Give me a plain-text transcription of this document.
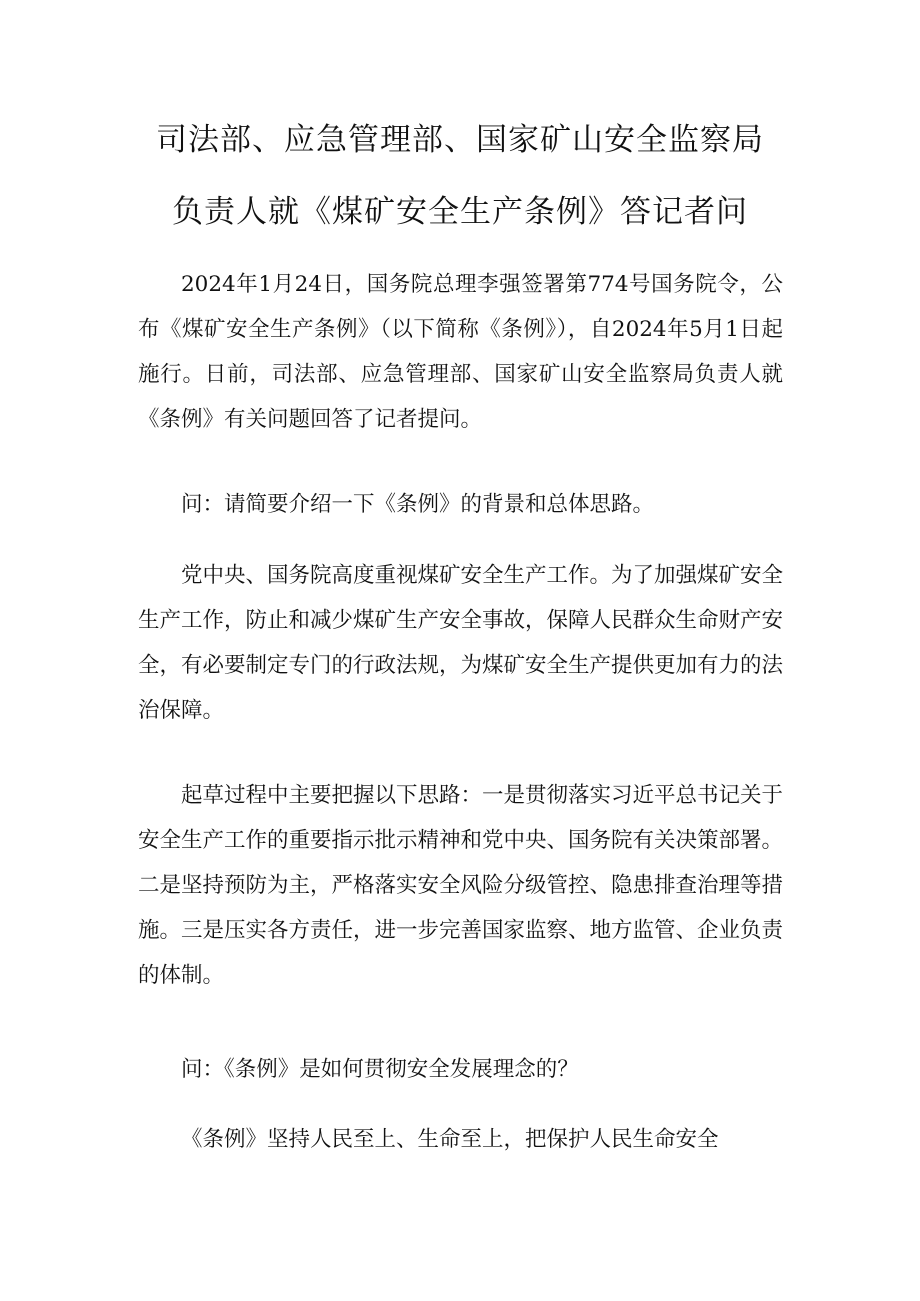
司法部、应急管理部、国家矿山安全监察局
负责人就《煤矿安全生产条例》答记者问

2024年1月24日，国务院总理李强签署第774号国务院令，公布《煤矿安全生产条例》（以下简称《条例》），自2024年5月1日起施行。日前，司法部、应急管理部、国家矿山安全监察局负责人就《条例》有关问题回答了记者提问。

问：请简要介绍一下《条例》的背景和总体思路。

党中央、国务院高度重视煤矿安全生产工作。为了加强煤矿安全生产工作，防止和减少煤矿生产安全事故，保障人民群众生命财产安全，有必要制定专门的行政法规，为煤矿安全生产提供更加有力的法治保障。

起草过程中主要把握以下思路：一是贯彻落实习近平总书记关于安全生产工作的重要指示批示精神和党中央、国务院有关决策部署。二是坚持预防为主，严格落实安全风险分级管控、隐患排查治理等措施。三是压实各方责任，进一步完善国家监察、地方监管、企业负责的体制。

问：《条例》是如何贯彻安全发展理念的？

《条例》坚持人民至上、生命至上，把保护人民生命安全
